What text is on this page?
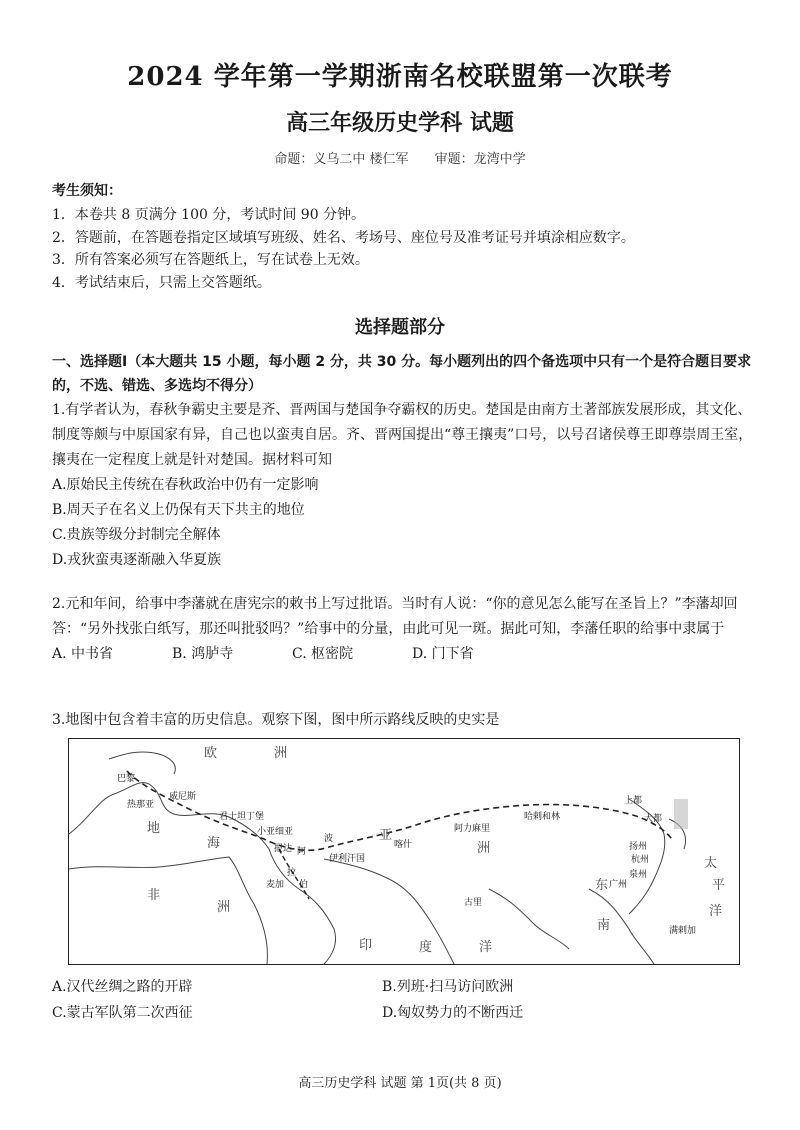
2024 学年第一学期浙南名校联盟第一次联考
高三年级历史学科 试题
命题：义乌二中 楼仁军 审题：龙湾中学
考生须知：
1．本卷共 8 页满分 100 分，考试时间 90 分钟。
2．答题前，在答题卷指定区域填写班级、姓名、考场号、座位号及准考证号并填涂相应数字。
3．所有答案必须写在答题纸上，写在试卷上无效。
4．考试结束后，只需上交答题纸。
选择题部分
一、选择题Ⅰ（本大题共 15 小题，每小题 2 分，共 30 分。每小题列出的四个备选项中只有一个是符合题目要求的，不选、错选、多选均不得分）
1.有学者认为，春秋争霸史主要是齐、晋两国与楚国争夺霸权的历史。楚国是由南方土著部族发展形成，其文化、制度等颇与中原国家有异，自己也以蛮夷自居。齐、晋两国提出“尊王攘夷”口号，以号召诸侯尊王即尊崇周王室，攘夷在一定程度上就是针对楚国。据材料可知
A.原始民主传统在春秋政治中仍有一定影响
B.周天子在名义上仍保有天下共主的地位
C.贵族等级分封制完全解体
D.戎狄蛮夷逐渐融入华夏族
2.元和年间，给事中李藩就在唐宪宗的敕书上写过批语。当时有人说：“你的意见怎么能写在圣旨上？”李藩却回答：“另外找张白纸写，那还叫批驳吗？”给事中的分量，由此可见一斑。据此可知，李藩任职的给事中隶属于
A. 中书省	B. 鸿胪寺	C. 枢密院	D. 门下省
3.地图中包含着丰富的历史信息。观察下图，图中所示路线反映的史实是
欧	洲
非
洲
亚
洲
印	度	洋
地
海
东
南
太
平
洋
巴黎
威尼斯
热那亚
君士坦丁堡
小亚细亚
波
报达 阿
拉
伯
伊利汗国
麦加
喀什
阿力麻里
哈剌和林
上都
大都
扬州
杭州
泉州
广州
古里
满剌加
A.汉代丝绸之路的开辟	B.列班·扫马访问欧洲
C.蒙古军队第二次西征	D.匈奴势力的不断西迁
高三历史学科 试题 第 1页(共 8 页)
